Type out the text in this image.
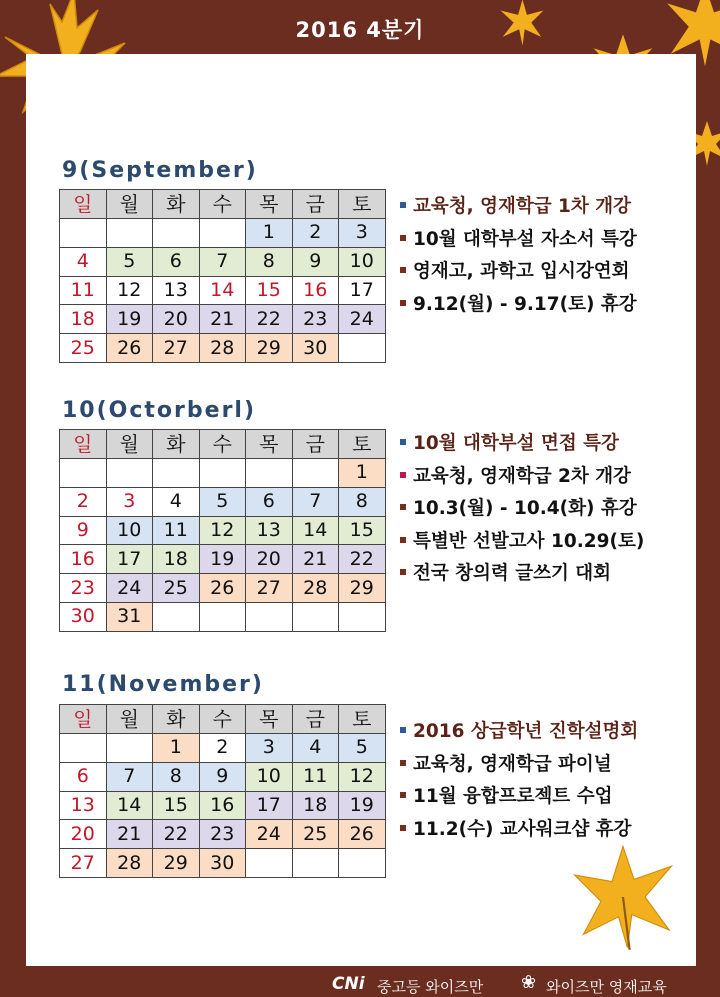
2016 4분기
9(September)
일	월	화	수	목	금	토
				1	2	3
4	5	6	7	8	9	10
11	12	13	14	15	16	17
18	19	20	21	22	23	24
25	26	27	28	29	30	
교육청, 영재학급 1차 개강
10월 대학부설 자소서 특강
영재고, 과학고 입시강연회
9.12(월) - 9.17(토) 휴강
10(Octorberl)
일	월	화	수	목	금	토
						1
2	3	4	5	6	7	8
9	10	11	12	13	14	15
16	17	18	19	20	21	22
23	24	25	26	27	28	29
30	31					
10월 대학부설 면접 특강
교육청, 영재학급 2차 개강
10.3(월) - 10.4(화) 휴강
특별반 선발고사 10.29(토)
전국 창의력 글쓰기 대회
11(November)
일	월	화	수	목	금	토
		1	2	3	4	5
6	7	8	9	10	11	12
13	14	15	16	17	18	19
20	21	22	23	24	25	26
27	28	29	30			
2016 상급학년 진학설명회
교육청, 영재학급 파이널
11월 융합프로젝트 수업
11.2(수) 교사워크샵 휴강
CNi 중고등 와이즈만 ❀ 와이즈만 영재교육
